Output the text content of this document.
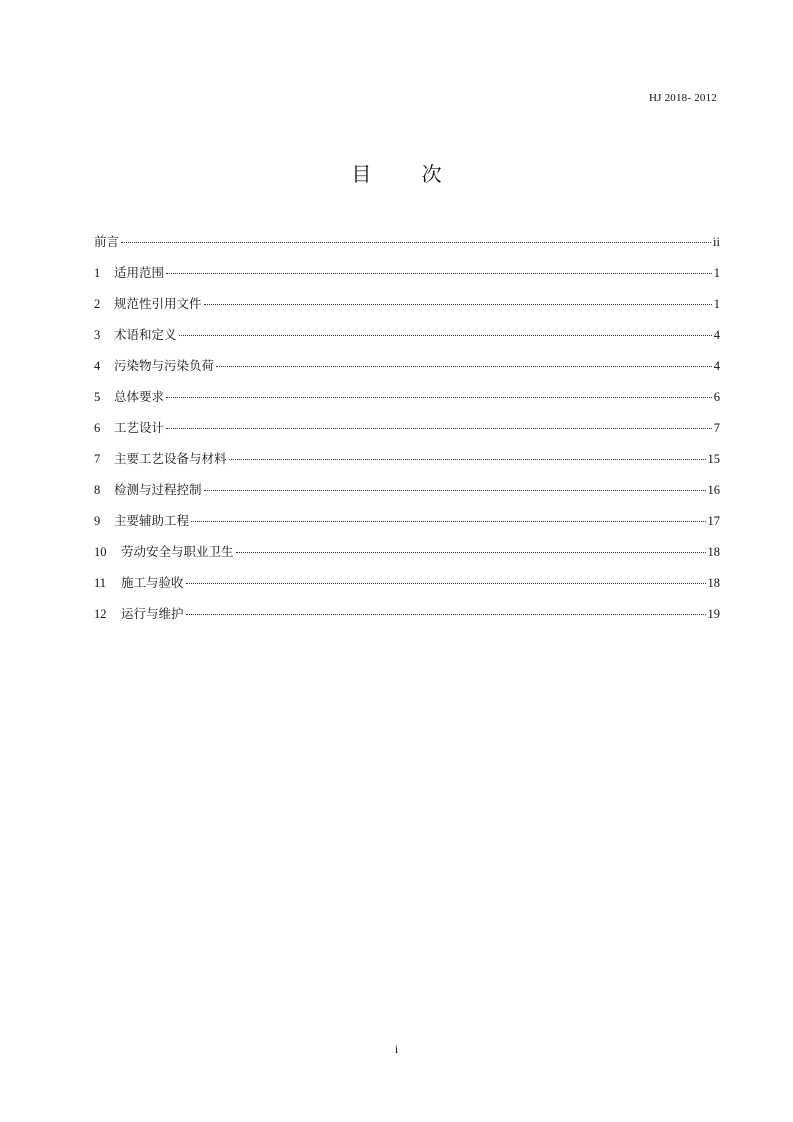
HJ 2018- 2012
目 次
前言	ii
1	适用范围	1
2	规范性引用文件	1
3	术语和定义	4
4	污染物与污染负荷	4
5	总体要求	6
6	工艺设计	7
7	主要工艺设备与材料	15
8	检测与过程控制	16
9	主要辅助工程	17
10	劳动安全与职业卫生	18
11	施工与验收	18
12	运行与维护	19
i
